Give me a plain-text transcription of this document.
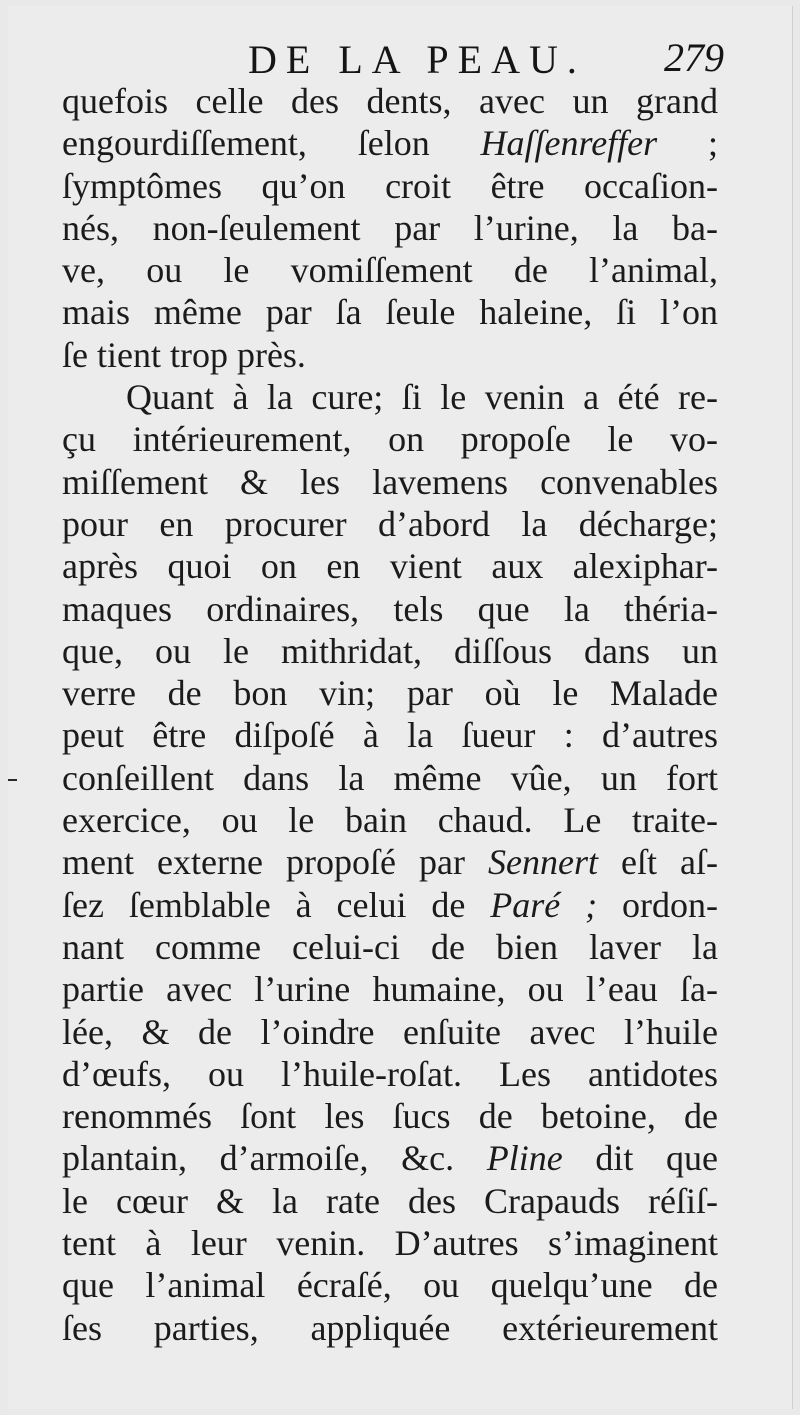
DE LA PEAU. 279
quefois celle des dents, avec un grand
engourdiſſement, ſelon Haſſenreffer ;
ſymptômes qu’on croit être occaſion-
nés, non-ſeulement par l’urine, la ba-
ve, ou le vomiſſement de l’animal,
mais même par ſa ſeule haleine, ſi l’on
ſe tient trop près.
Quant à la cure; ſi le venin a été re-
çu intérieurement, on propoſe le vo-
miſſement & les lavemens convenables
pour en procurer d’abord la décharge;
après quoi on en vient aux alexiphar-
maques ordinaires, tels que la théria-
que, ou le mithridat, diſſous dans un
verre de bon vin; par où le Malade
peut être diſpoſé à la ſueur : d’autres
conſeillent dans la même vûe, un fort
exercice, ou le bain chaud. Le traite-
ment externe propoſé par Sennert eſt aſ-
ſez ſemblable à celui de Paré ; ordon-
nant comme celui-ci de bien laver la
partie avec l’urine humaine, ou l’eau ſa-
lée, & de l’oindre enſuite avec l’huile
d’œufs, ou l’huile-roſat. Les antidotes
renommés ſont les ſucs de betoine, de
plantain, d’armoiſe, &c. Pline dit que
le cœur & la rate des Crapauds réſiſ-
tent à leur venin. D’autres s’imaginent
que l’animal écraſé, ou quelqu’une de
ſes parties, appliquée extérieurement
